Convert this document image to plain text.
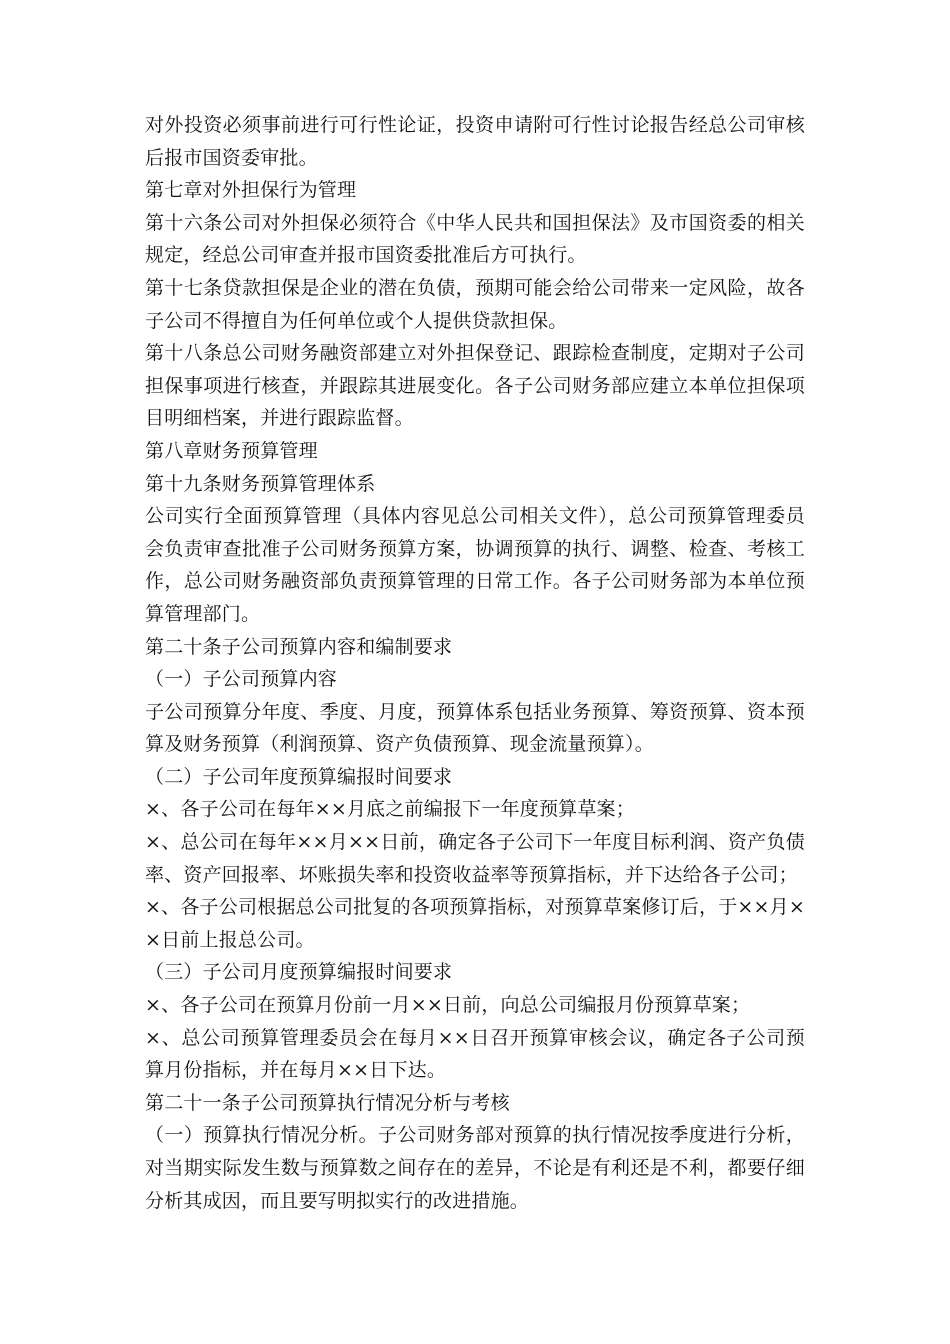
对外投资必须事前进行可行性论证，投资申请附可行性讨论报告经总公司审核后报市国资委审批。

第七章对外担保行为管理

第十六条公司对外担保必须符合《中华人民共和国担保法》及市国资委的相关规定，经总公司审查并报市国资委批准后方可执行。

第十七条贷款担保是企业的潜在负债，预期可能会给公司带来一定风险，故各子公司不得擅自为任何单位或个人提供贷款担保。

第十八条总公司财务融资部建立对外担保登记、跟踪检查制度，定期对子公司担保事项进行核查，并跟踪其进展变化。各子公司财务部应建立本单位担保项目明细档案，并进行跟踪监督。

第八章财务预算管理

第十九条财务预算管理体系

公司实行全面预算管理（具体内容见总公司相关文件），总公司预算管理委员会负责审查批准子公司财务预算方案，协调预算的执行、调整、检查、考核工作，总公司财务融资部负责预算管理的日常工作。各子公司财务部为本单位预算管理部门。

第二十条子公司预算内容和编制要求

（一）子公司预算内容

子公司预算分年度、季度、月度，预算体系包括业务预算、筹资预算、资本预算及财务预算（利润预算、资产负债预算、现金流量预算）。

（二）子公司年度预算编报时间要求

×、各子公司在每年××月底之前编报下一年度预算草案；

×、总公司在每年××月××日前，确定各子公司下一年度目标利润、资产负债率、资产回报率、坏账损失率和投资收益率等预算指标，并下达给各子公司；

×、各子公司根据总公司批复的各项预算指标，对预算草案修订后，于××月××日前上报总公司。

（三）子公司月度预算编报时间要求

×、各子公司在预算月份前一月××日前，向总公司编报月份预算草案；

×、总公司预算管理委员会在每月××日召开预算审核会议，确定各子公司预算月份指标，并在每月××日下达。

第二十一条子公司预算执行情况分析与考核

（一）预算执行情况分析。子公司财务部对预算的执行情况按季度进行分析，对当期实际发生数与预算数之间存在的差异，不论是有利还是不利，都要仔细分析其成因，而且要写明拟实行的改进措施。
